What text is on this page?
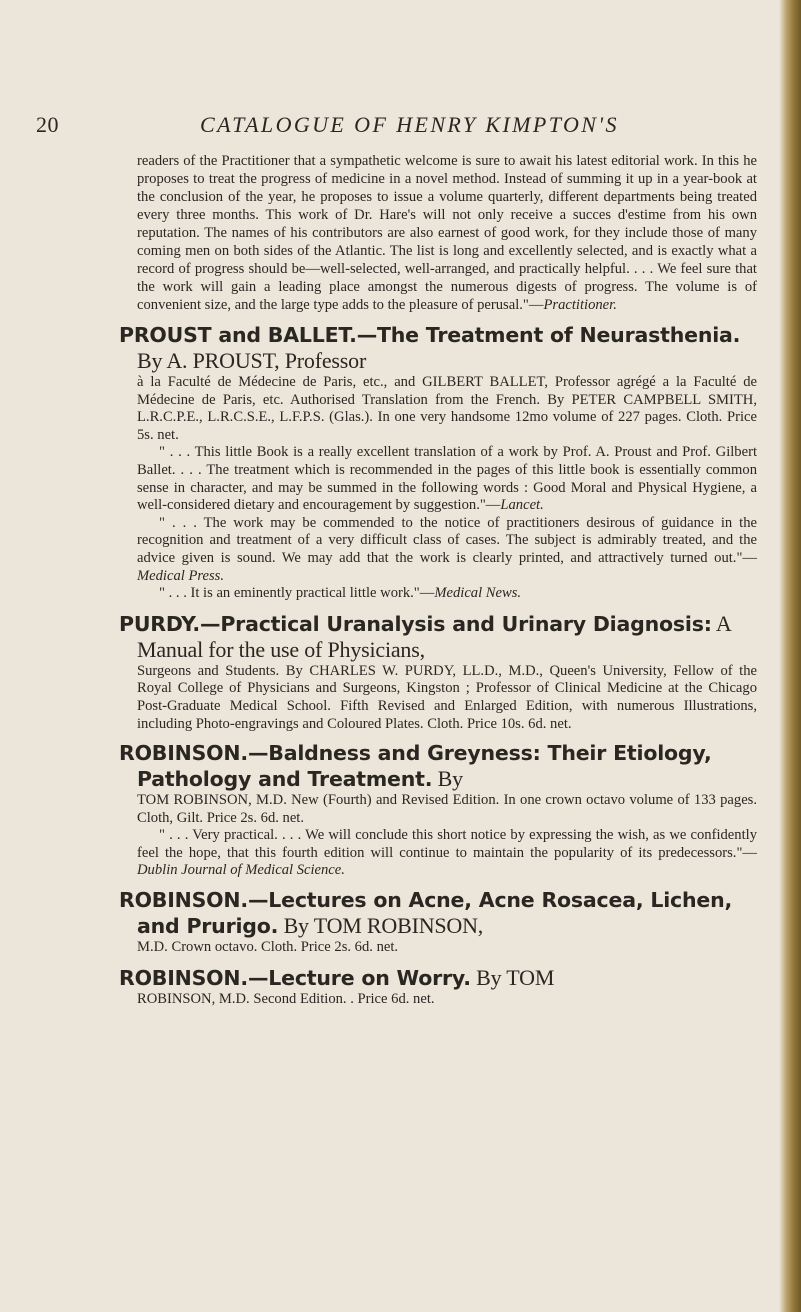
20	CATALOGUE OF HENRY KIMPTON'S

readers of the Practitioner that a sympathetic welcome is sure to await his latest editorial work. In this he proposes to treat the progress of medicine in a novel method. Instead of summing it up in a year-book at the conclusion of the year, he proposes to issue a volume quarterly, different departments being treated every three months. This work of Dr. Hare's will not only receive a succes d'estime from his own reputation. The names of his contributors are also earnest of good work, for they include those of many coming men on both sides of the Atlantic. The list is long and excellently selected, and is exactly what a record of progress should be—well-selected, well-arranged, and practically helpful. . . . We feel sure that the work will gain a leading place amongst the numerous digests of progress. The volume is of convenient size, and the large type adds to the pleasure of perusal."—Practitioner.

PROUST and BALLET.—The Treatment of Neurasthenia. By A. PROUST, Professor

à la Faculté de Médecine de Paris, etc., and GILBERT BALLET, Professor agrégé a la Faculté de Médecine de Paris, etc. Authorised Translation from the French. By PETER CAMPBELL SMITH, L.R.C.P.E., L.R.C.S.E., L.F.P.S. (Glas.). In one very handsome 12mo volume of 227 pages. Cloth. Price 5s. net.

" . . . This little Book is a really excellent translation of a work by Prof. A. Proust and Prof. Gilbert Ballet. . . . The treatment which is recommended in the pages of this little book is essentially common sense in character, and may be summed in the following words : Good Moral and Physical Hygiene, a well-considered dietary and encouragement by suggestion."—Lancet.

" . . . The work may be commended to the notice of practitioners desirous of guidance in the recognition and treatment of a very difficult class of cases. The subject is admirably treated, and the advice given is sound. We may add that the work is clearly printed, and attractively turned out."—Medical Press.

" . . . It is an eminently practical little work."—Medical News.

PURDY.—Practical Uranalysis and Urinary Diagnosis: A Manual for the use of Physicians,

Surgeons and Students. By CHARLES W. PURDY, LL.D., M.D., Queen's University, Fellow of the Royal College of Physicians and Surgeons, Kingston ; Professor of Clinical Medicine at the Chicago Post-Graduate Medical School. Fifth Revised and Enlarged Edition, with numerous Illustrations, including Photo-engravings and Coloured Plates. Cloth. Price 10s. 6d. net.

ROBINSON.—Baldness and Greyness: Their Etiology, Pathology and Treatment. By

TOM ROBINSON, M.D. New (Fourth) and Revised Edition. In one crown octavo volume of 133 pages. Cloth, Gilt. Price 2s. 6d. net.

" . . . Very practical. . . . We will conclude this short notice by expressing the wish, as we confidently feel the hope, that this fourth edition will continue to maintain the popularity of its predecessors."—Dublin Journal of Medical Science.

ROBINSON.—Lectures on Acne, Acne Rosacea, Lichen, and Prurigo. By TOM ROBINSON,

M.D. Crown octavo. Cloth. Price 2s. 6d. net.

ROBINSON.—Lecture on Worry. By TOM

ROBINSON, M.D. Second Edition. . Price 6d. net.
